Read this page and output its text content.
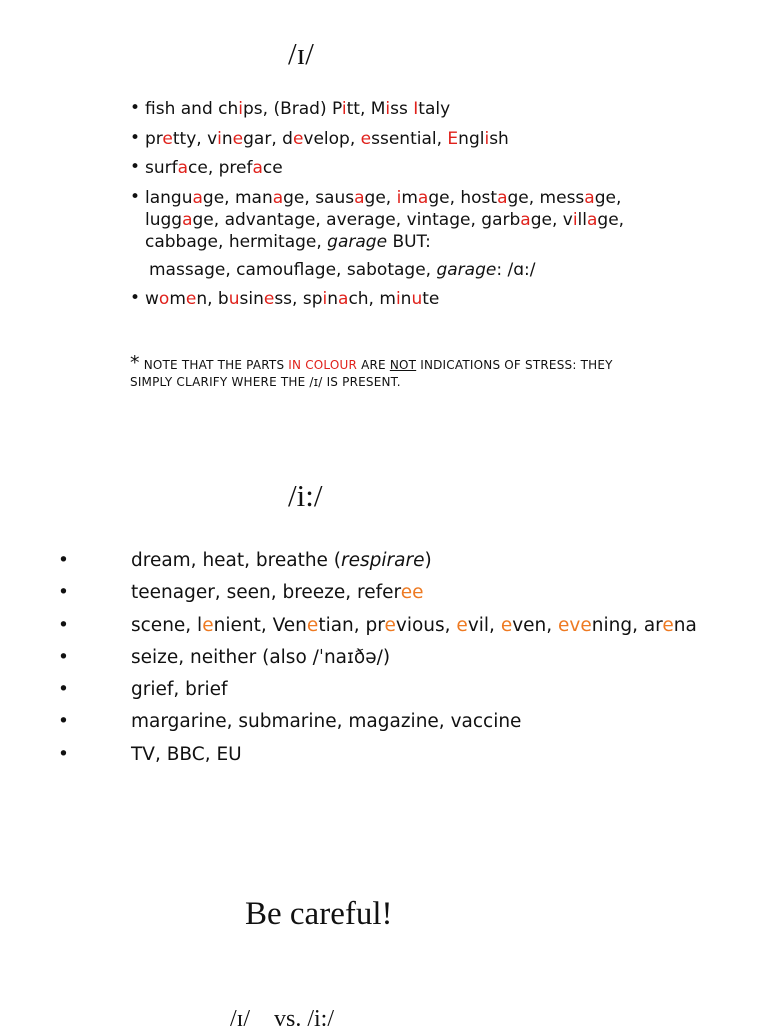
/ɪ/
• fsh and chips, (Brad) Pitt, Miss Italy
• pretty, vinegar, develop, essential, English
• surface, preface
• language, manage, sausage, image, hostage, message, luggage, advantage, average, vintage, garbage, village, cabbage, hermitage, garage BUT:
massage, camouflage, sabotage, garage: /ɑ:/
• women, business, spinach, minute
* NOTE THAT THE PARTS IN COLOUR ARE NOT INDICATIONS OF STRESS: THEY SIMPLY CLARIFY WHERE THE /ɪ/ IS PRESENT.
/i:/
•	dream, heat, breathe (respirare)
•	teenager, seen, breeze, referee
•	scene, lenient, Venetian, previous, evil, even, evening, arena
•	seize, neither (also /ˈnaɪðə/)
•	grief, brief
•	margarine, submarine, magazine, vaccine
•	TV, BBC, EU
Be careful!
/ɪ/    vs. /i:/
